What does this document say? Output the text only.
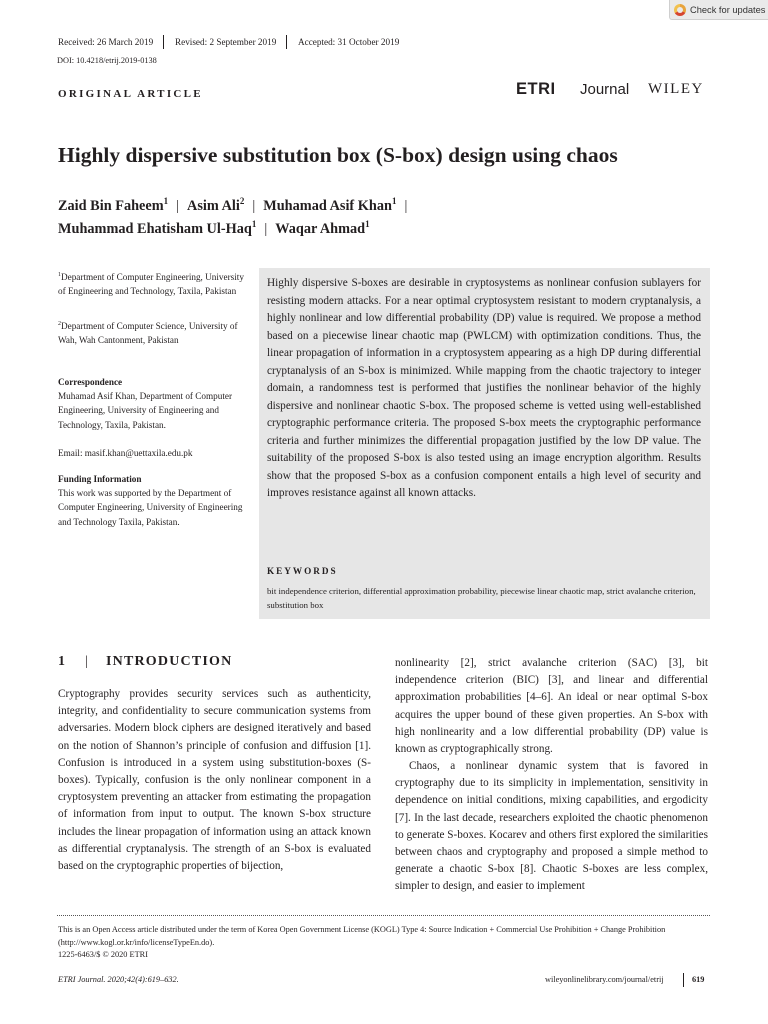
Check for updates
Received: 26 March 2019 Revised: 2 September 2019 Accepted: 31 October 2019
DOI: 10.4218/etrij.2019-0138
ORIGINAL ARTICLE	ETRI Journal WILEY
Highly dispersive substitution box (S-box) design using chaos
Zaid Bin Faheem$^1$ | Asim Ali$^2$ | Muhamad Asif Khan$^1$ |
Muhammad Ehatisham Ul-Haq$^1$ | Waqar Ahmad$^1$
$^1$Department of Computer Engineering, University of Engineering and Technology, Taxila, Pakistan
$^2$Department of Computer Science, University of Wah, Wah Cantonment, Pakistan
Correspondence
Muhamad Asif Khan, Department of Computer Engineering, University of Engineering and Technology, Taxila, Pakistan.
Email: masif.khan@uettaxila.edu.pk
Funding Information
This work was supported by the Department of Computer Engineering, University of Engineering and Technology Taxila, Pakistan.
Highly dispersive S-boxes are desirable in cryptosystems as nonlinear confusion sublayers for resisting modern attacks. For a near optimal cryptosystem resistant to modern cryptanalysis, a highly nonlinear and low differential probability (DP) value is required. We propose a method based on a piecewise linear chaotic map (PWLCM) with optimization conditions. Thus, the linear propagation of information in a cryptosystem appearing as a high DP during differential cryptanalysis of an S-box is minimized. While mapping from the chaotic trajectory to integer domain, a randomness test is performed that justifies the nonlinear behavior of the highly dispersive and nonlinear chaotic S-box. The proposed scheme is vetted using well-established cryptographic performance criteria. The proposed S-box meets the cryptographic performance criteria and further minimizes the differential propagation justified by the low DP value. The suitability of the proposed S-box is also tested using an image encryption algorithm. Results show that the proposed S-box as a confusion component entails a high level of security and improves resistance against all known attacks.
KEYWORDS
bit independence criterion, differential approximation probability, piecewise linear chaotic map, strict avalanche criterion, substitution box
1 | INTRODUCTION
Cryptography provides security services such as authenticity, integrity, and confidentiality to secure communication systems from adversaries. Modern block ciphers are designed iteratively and based on the notion of Shannon’s principle of confusion and diffusion [1]. Confusion is introduced in a system using substitution-boxes (S-boxes). Typically, confusion is the only nonlinear component in a cryptosystem preventing an attacker from estimating the propagation of information from input to output. The known S-box structure includes the linear propagation of information using an attack known as differential cryptanalysis. The strength of an S-box is evaluated based on the cryptographic properties of bijection,
nonlinearity [2], strict avalanche criterion (SAC) [3], bit independence criterion (BIC) [3], and linear and differential approximation probabilities [4–6]. An ideal or near optimal S-box acquires the upper bound of these given properties. An S-box with high nonlinearity and a low differential probability (DP) value is known as cryptographically strong.
Chaos, a nonlinear dynamic system that is favored in cryptography due to its simplicity in implementation, sensitivity in dependence on initial conditions, mixing capabilities, and ergodicity [7]. In the last decade, researchers exploited the chaotic phenomenon to generate S-boxes. Kocarev and others first explored the similarities between chaos and cryptography and proposed a simple method to generate a chaotic S-box [8]. Chaotic S-boxes are less complex, simpler to design, and easier to implement
This is an Open Access article distributed under the term of Korea Open Government License (KOGL) Type 4: Source Indication + Commercial Use Prohibition + Change Prohibition (http://www.kogl.or.kr/info/licenseTypeEn.do).
1225-6463/$ © 2020 ETRI
ETRI Journal. 2020;42(4):619–632.	wileyonlinelibrary.com/journal/etrij	619
